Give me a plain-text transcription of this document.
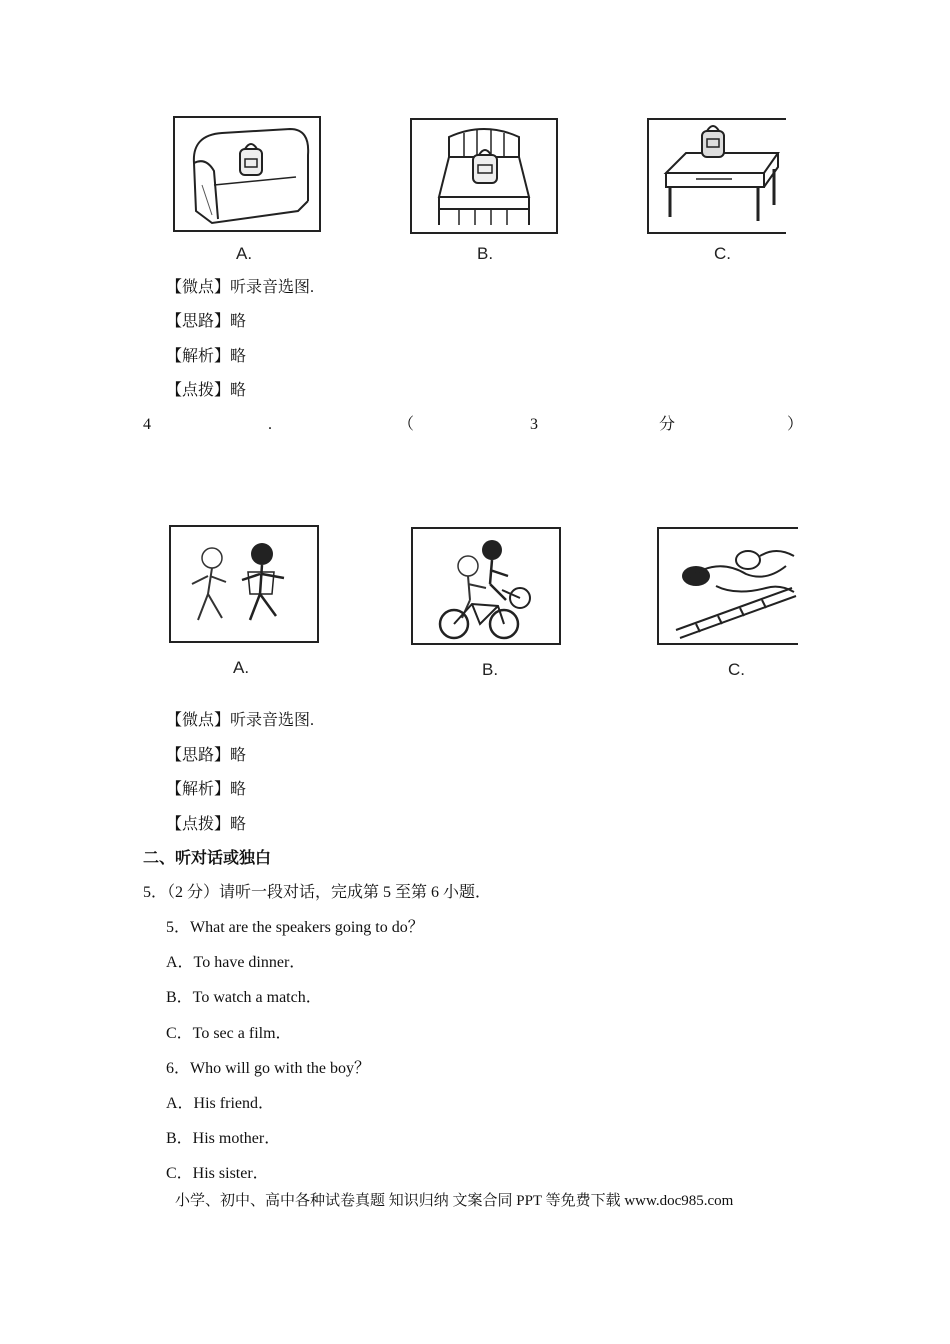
A.	B.	C.
【微点】听录音选图.
【思路】略
【解析】略
【点拨】略
4	.	（	3	分	）
A.	B.	C.
【微点】听录音选图.
【思路】略
【解析】略
【点拨】略
二、听对话或独白
5．（2 分）请听一段对话，完成第 5 至第 6 小题．
5．What are the speakers going to do？
A．To have dinner．
B．To watch a match．
C．To sec a film．
6．Who will go with the boy？
A．His friend．
B．His mother．
C．His sister．
小学、初中、高中各种试卷真题 知识归纳 文案合同 PPT 等免费下载 www.doc985.com
